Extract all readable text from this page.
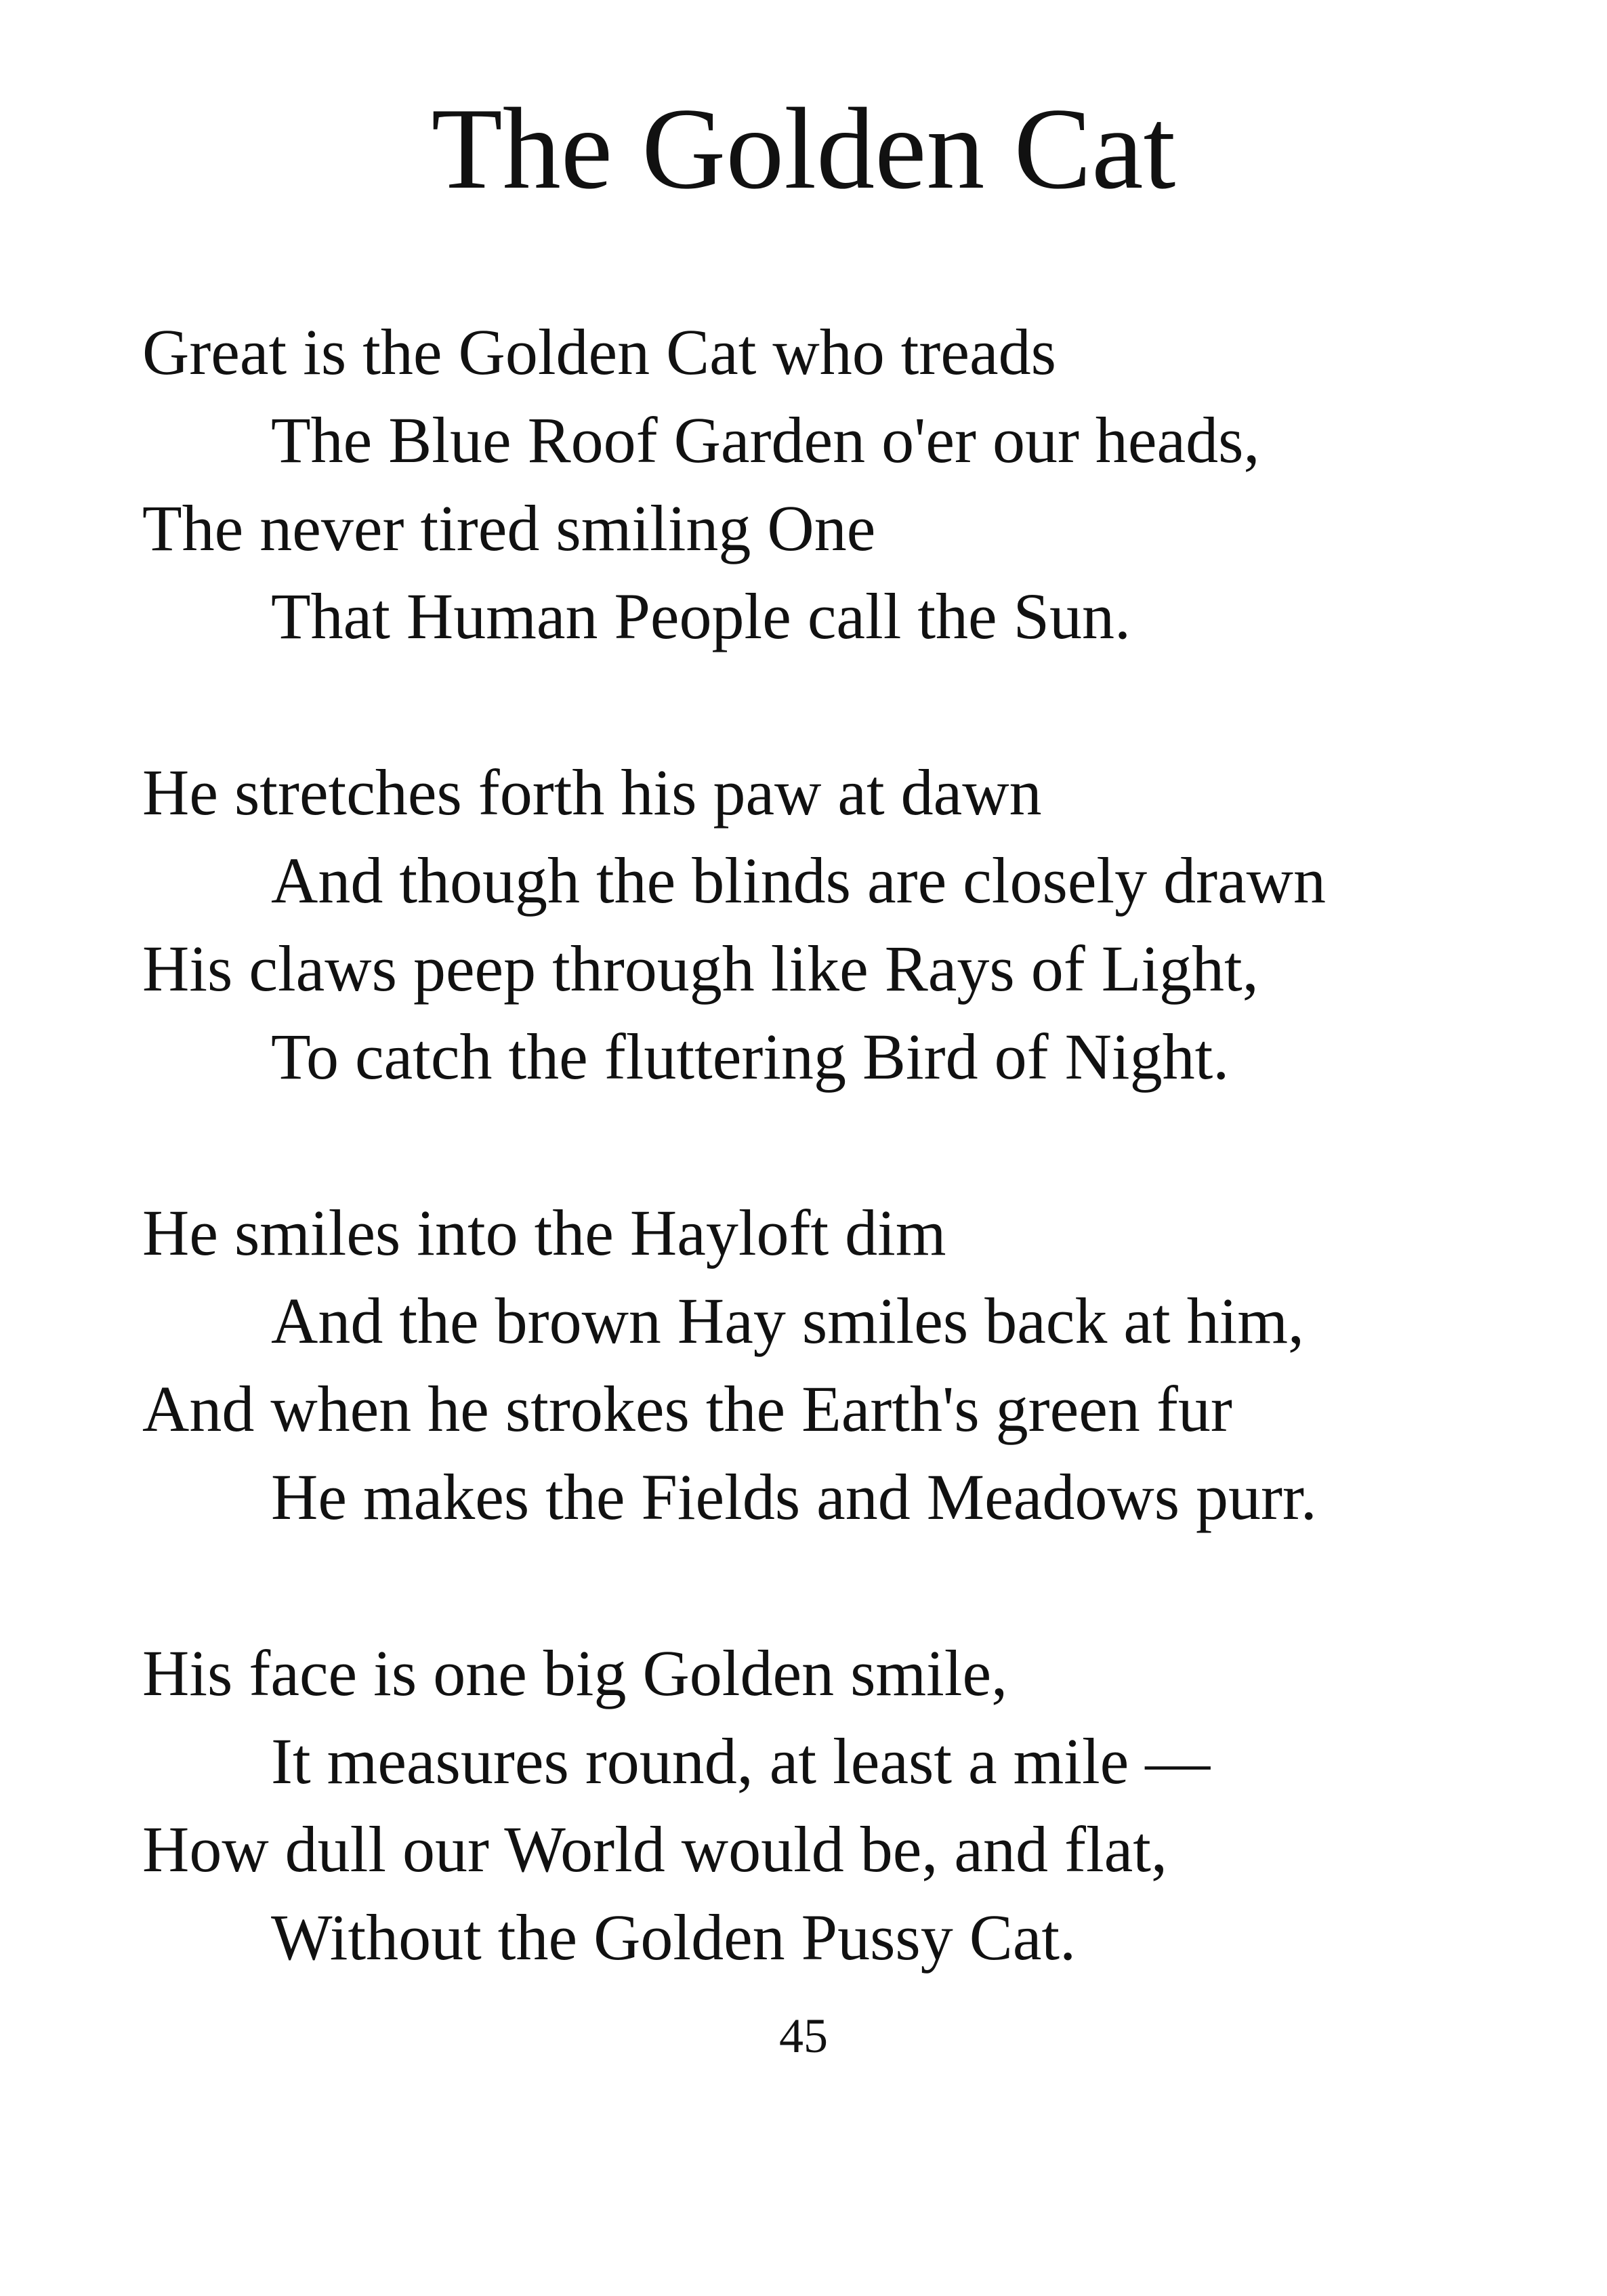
The Golden Cat
Great is the Golden Cat who treads
The Blue Roof Garden o'er our heads,
The never tired smiling One
That Human People call the Sun.
He stretches forth his paw at dawn
And though the blinds are closely drawn
His claws peep through like Rays of Light,
To catch the fluttering Bird of Night.
He smiles into the Hayloft dim
And the brown Hay smiles back at him,
And when he strokes the Earth's green fur
He makes the Fields and Meadows purr.
His face is one big Golden smile,
It measures round, at least a mile —
How dull our World would be, and flat,
Without the Golden Pussy Cat.
45
